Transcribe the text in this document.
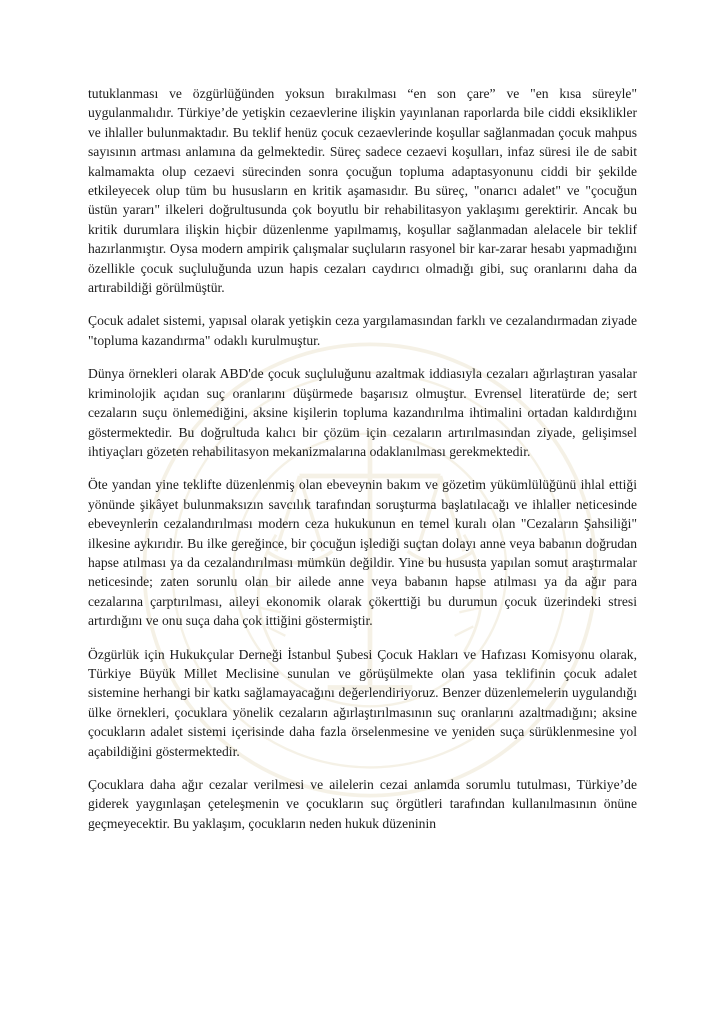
tutuklanması ve özgürlüğünden yoksun bırakılması “en son çare” ve "en kısa süreyle" uygulanmalıdır. Türkiye’de yetişkin cezaevlerine ilişkin yayınlanan raporlarda bile ciddi eksiklikler ve ihlaller bulunmaktadır. Bu teklif henüz çocuk cezaevlerinde koşullar sağlanmadan çocuk mahpus sayısının artması anlamına da gelmektedir. Süreç sadece cezaevi koşulları, infaz süresi ile de sabit kalmamakta olup cezaevi sürecinden sonra çocuğun topluma adaptasyonunu ciddi bir şekilde etkileyecek olup tüm bu hususların en kritik aşamasıdır. Bu süreç, "onarıcı adalet" ve "çocuğun üstün yararı" ilkeleri doğrultusunda çok boyutlu bir rehabilitasyon yaklaşımı gerektirir. Ancak bu kritik durumlara ilişkin hiçbir düzenlenme yapılmamış, koşullar sağlanmadan alelacele bir teklif hazırlanmıştır. Oysa modern ampirik çalışmalar suçluların rasyonel bir kar-zarar hesabı yapmadığını özellikle çocuk suçluluğunda uzun hapis cezaları caydırıcı olmadığı gibi, suç oranlarını daha da artırabildiği görülmüştür.

Çocuk adalet sistemi, yapısal olarak yetişkin ceza yargılamasından farklı ve cezalandırmadan ziyade "topluma kazandırma" odaklı kurulmuştur.

Dünya örnekleri olarak ABD'de çocuk suçluluğunu azaltmak iddiasıyla cezaları ağırlaştıran yasalar kriminolojik açıdan suç oranlarını düşürmede başarısız olmuştur. Evrensel literatürde de; sert cezaların suçu önlemediğini, aksine kişilerin topluma kazandırılma ihtimalini ortadan kaldırdığını göstermektedir. Bu doğrultuda kalıcı bir çözüm için cezaların artırılmasından ziyade, gelişimsel ihtiyaçları gözeten rehabilitasyon mekanizmalarına odaklanılması gerekmektedir.

Öte yandan yine teklifte düzenlenmiş olan ebeveynin bakım ve gözetim yükümlülüğünü ihlal ettiği yönünde şikâyet bulunmaksızın savcılık tarafından soruşturma başlatılacağı ve ihlaller neticesinde ebeveynlerin cezalandırılması modern ceza hukukunun en temel kuralı olan "Cezaların Şahsiliği" ilkesine aykırıdır. Bu ilke gereğince, bir çocuğun işlediği suçtan dolayı anne veya babanın doğrudan hapse atılması ya da cezalandırılması mümkün değildir. Yine bu hususta yapılan somut araştırmalar neticesinde; zaten sorunlu olan bir ailede anne veya babanın hapse atılması ya da ağır para cezalarına çarptırılması, aileyi ekonomik olarak çökerttiği bu durumun çocuk üzerindeki stresi artırdığını ve onu suça daha çok ittiğini göstermiştir.

Özgürlük için Hukukçular Derneği İstanbul Şubesi Çocuk Hakları ve Hafızası Komisyonu olarak, Türkiye Büyük Millet Meclisine sunulan ve görüşülmekte olan yasa teklifinin çocuk adalet sistemine herhangi bir katkı sağlamayacağını değerlendiriyoruz. Benzer düzenlemelerin uygulandığı ülke örnekleri, çocuklara yönelik cezaların ağırlaştırılmasının suç oranlarını azaltmadığını; aksine çocukların adalet sistemi içerisinde daha fazla örselenmesine ve yeniden suça sürüklenmesine yol açabildiğini göstermektedir.

Çocuklara daha ağır cezalar verilmesi ve ailelerin cezai anlamda sorumlu tutulması, Türkiye’de giderek yaygınlaşan çeteleşmenin ve çocukların suç örgütleri tarafından kullanılmasının önüne geçmeyecektir. Bu yaklaşım, çocukların neden hukuk düzeninin
